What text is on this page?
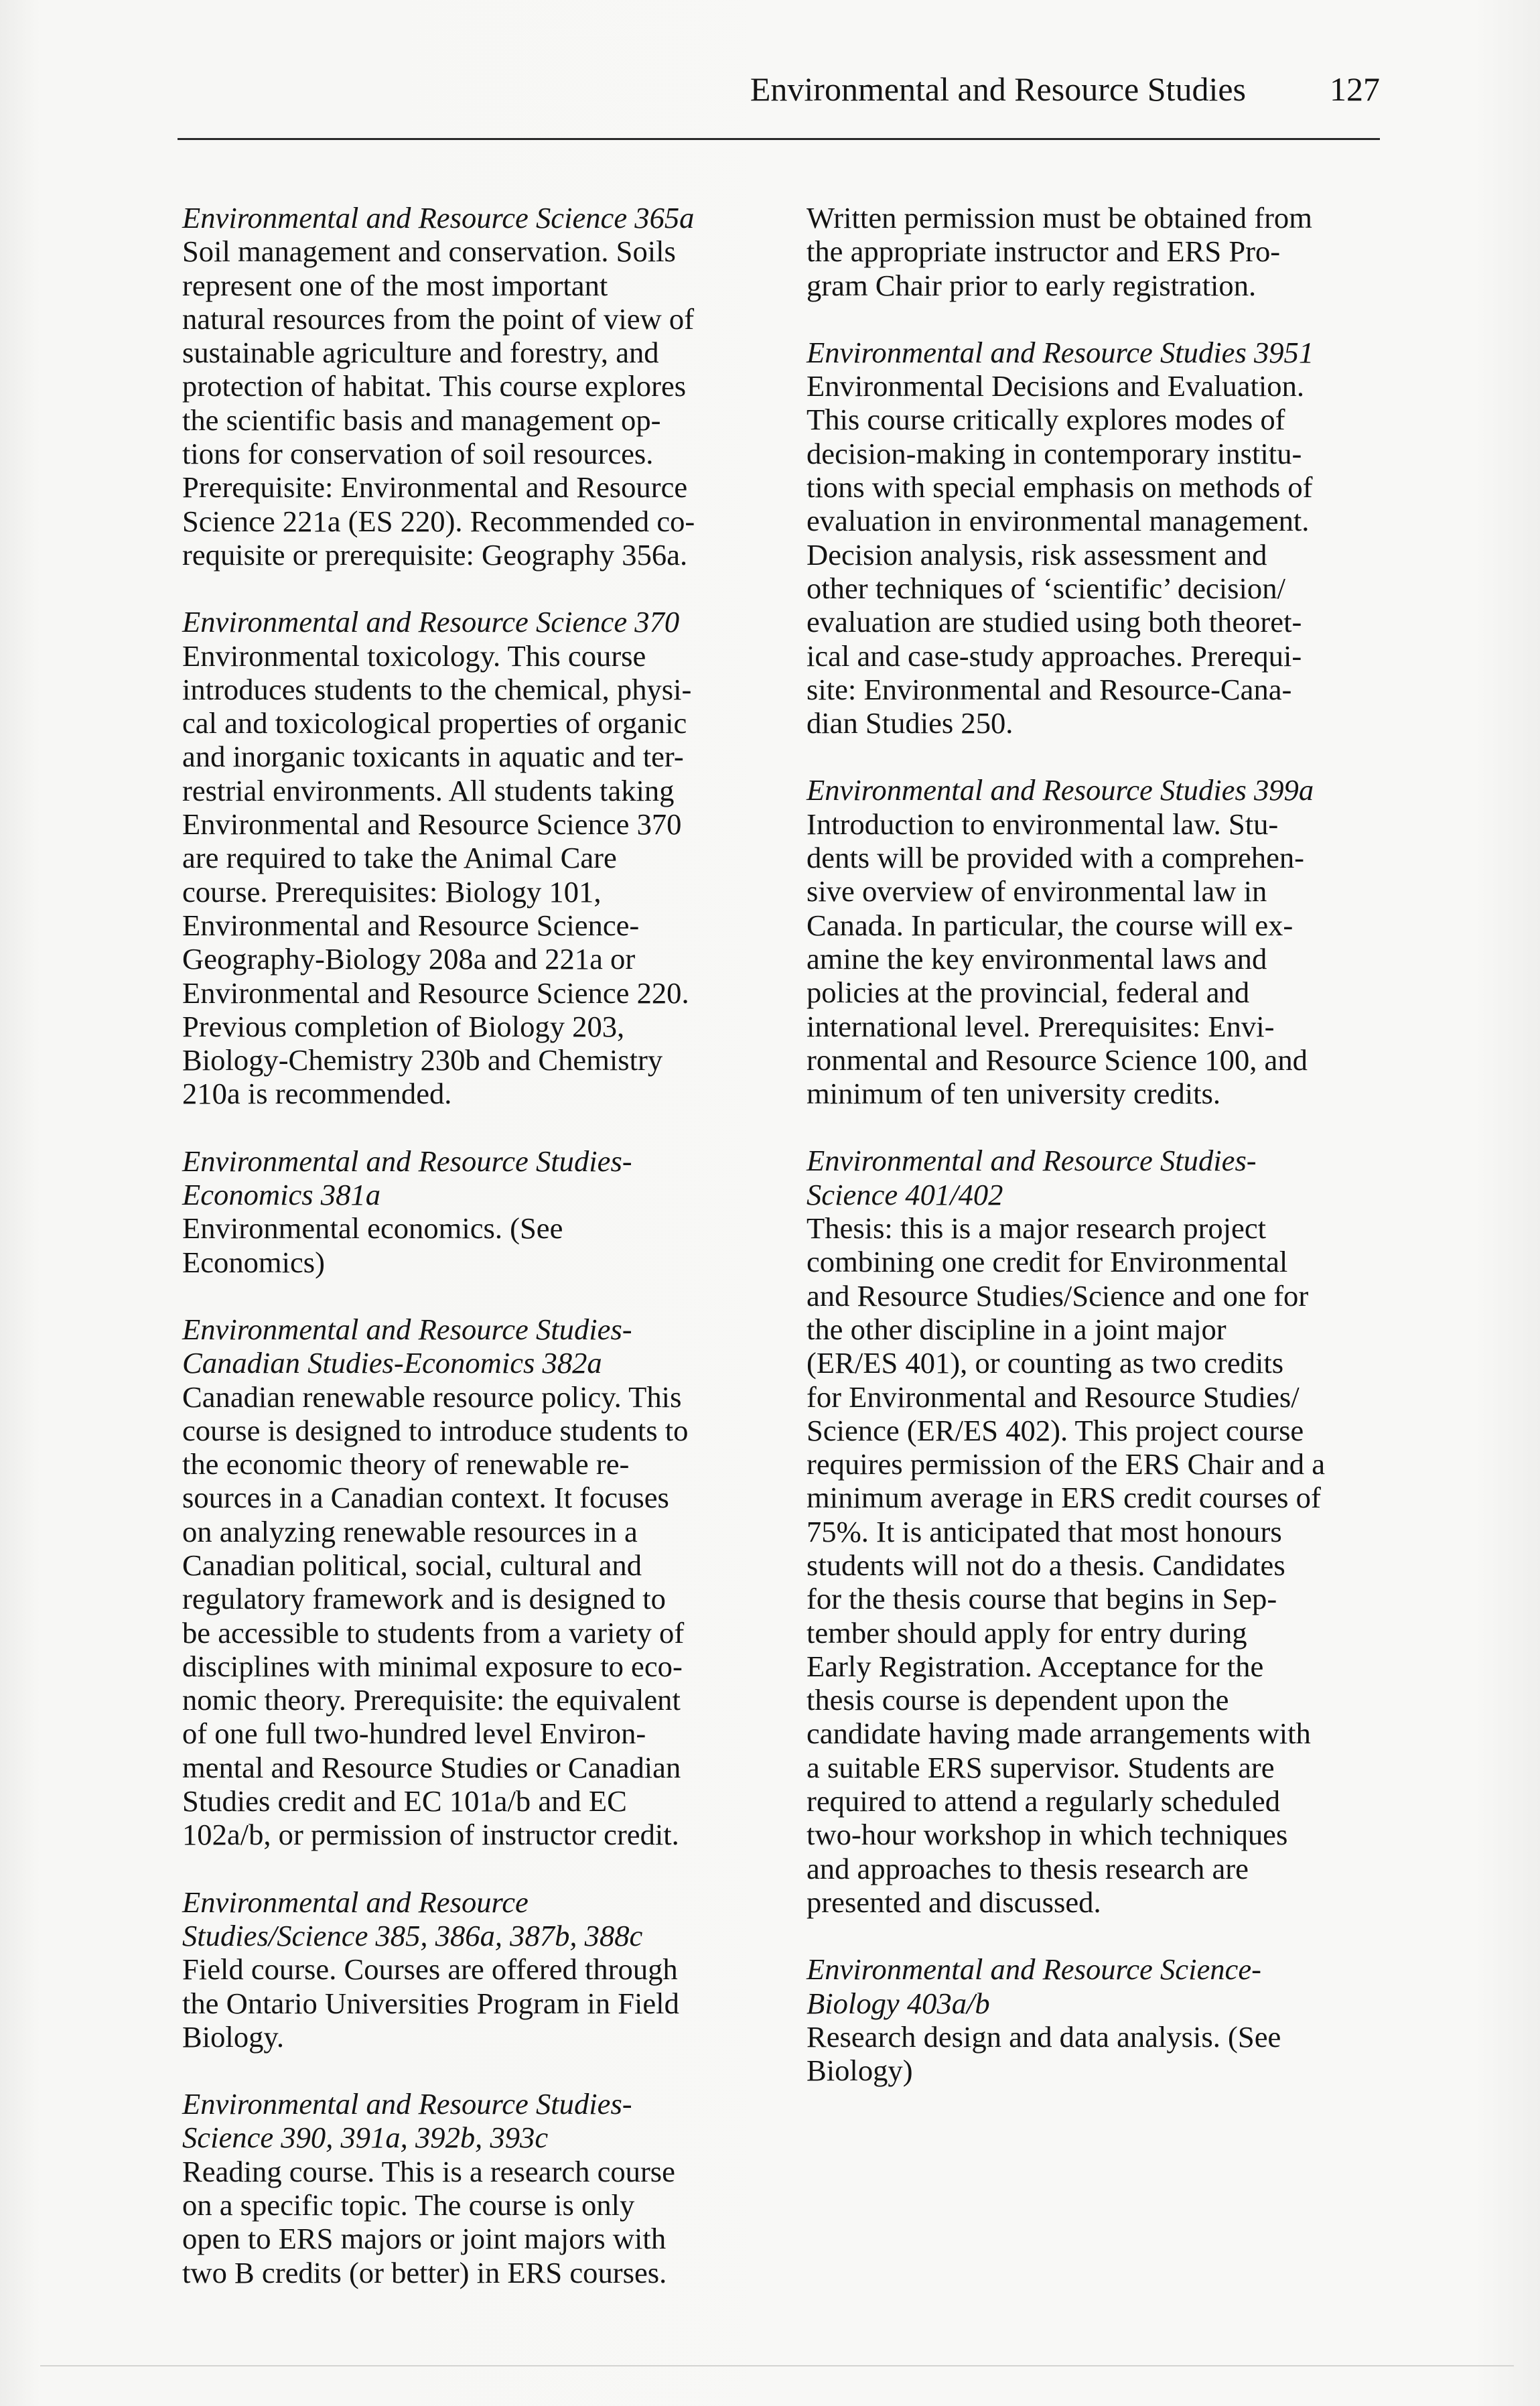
Environmental and Resource Studies	127
Environmental and Resource Science 365a
Soil management and conservation. Soils
represent one of the most important
natural resources from the point of view of
sustainable agriculture and forestry, and
protection of habitat. This course explores
the scientific basis and management op-
tions for conservation of soil resources.
Prerequisite: Environmental and Resource
Science 221a (ES 220). Recommended co-
requisite or prerequisite: Geography 356a.
Environmental and Resource Science 370
Environmental toxicology. This course
introduces students to the chemical, physi-
cal and toxicological properties of organic
and inorganic toxicants in aquatic and ter-
restrial environments. All students taking
Environmental and Resource Science 370
are required to take the Animal Care
course. Prerequisites: Biology 101,
Environmental and Resource Science-
Geography-Biology 208a and 221a or
Environmental and Resource Science 220.
Previous completion of Biology 203,
Biology-Chemistry 230b and Chemistry
210a is recommended.
Environmental and Resource Studies-
Economics 381a
Environmental economics. (See
Economics)
Environmental and Resource Studies-
Canadian Studies-Economics 382a
Canadian renewable resource policy. This
course is designed to introduce students to
the economic theory of renewable re-
sources in a Canadian context. It focuses
on analyzing renewable resources in a
Canadian political, social, cultural and
regulatory framework and is designed to
be accessible to students from a variety of
disciplines with minimal exposure to eco-
nomic theory. Prerequisite: the equivalent
of one full two-hundred level Environ-
mental and Resource Studies or Canadian
Studies credit and EC 101a/b and EC
102a/b, or permission of instructor credit.
Environmental and Resource
Studies/Science 385, 386a, 387b, 388c
Field course. Courses are offered through
the Ontario Universities Program in Field
Biology.
Environmental and Resource Studies-
Science 390, 391a, 392b, 393c
Reading course. This is a research course
on a specific topic. The course is only
open to ERS majors or joint majors with
two B credits (or better) in ERS courses.
Written permission must be obtained from
the appropriate instructor and ERS Pro-
gram Chair prior to early registration.
Environmental and Resource Studies 3951
Environmental Decisions and Evaluation.
This course critically explores modes of
decision-making in contemporary institu-
tions with special emphasis on methods of
evaluation in environmental management.
Decision analysis, risk assessment and
other techniques of ‘scientific’ decision/
evaluation are studied using both theoret-
ical and case-study approaches. Prerequi-
site: Environmental and Resource-Cana-
dian Studies 250.
Environmental and Resource Studies 399a
Introduction to environmental law. Stu-
dents will be provided with a comprehen-
sive overview of environmental law in
Canada. In particular, the course will ex-
amine the key environmental laws and
policies at the provincial, federal and
international level. Prerequisites: Envi-
ronmental and Resource Science 100, and
minimum of ten university credits.
Environmental and Resource Studies-
Science 401/402
Thesis: this is a major research project
combining one credit for Environmental
and Resource Studies/Science and one for
the other discipline in a joint major
(ER/ES 401), or counting as two credits
for Environmental and Resource Studies/
Science (ER/ES 402). This project course
requires permission of the ERS Chair and a
minimum average in ERS credit courses of
75%. It is anticipated that most honours
students will not do a thesis. Candidates
for the thesis course that begins in Sep-
tember should apply for entry during
Early Registration. Acceptance for the
thesis course is dependent upon the
candidate having made arrangements with
a suitable ERS supervisor. Students are
required to attend a regularly scheduled
two-hour workshop in which techniques
and approaches to thesis research are
presented and discussed.
Environmental and Resource Science-
Biology 403a/b
Research design and data analysis. (See
Biology)
